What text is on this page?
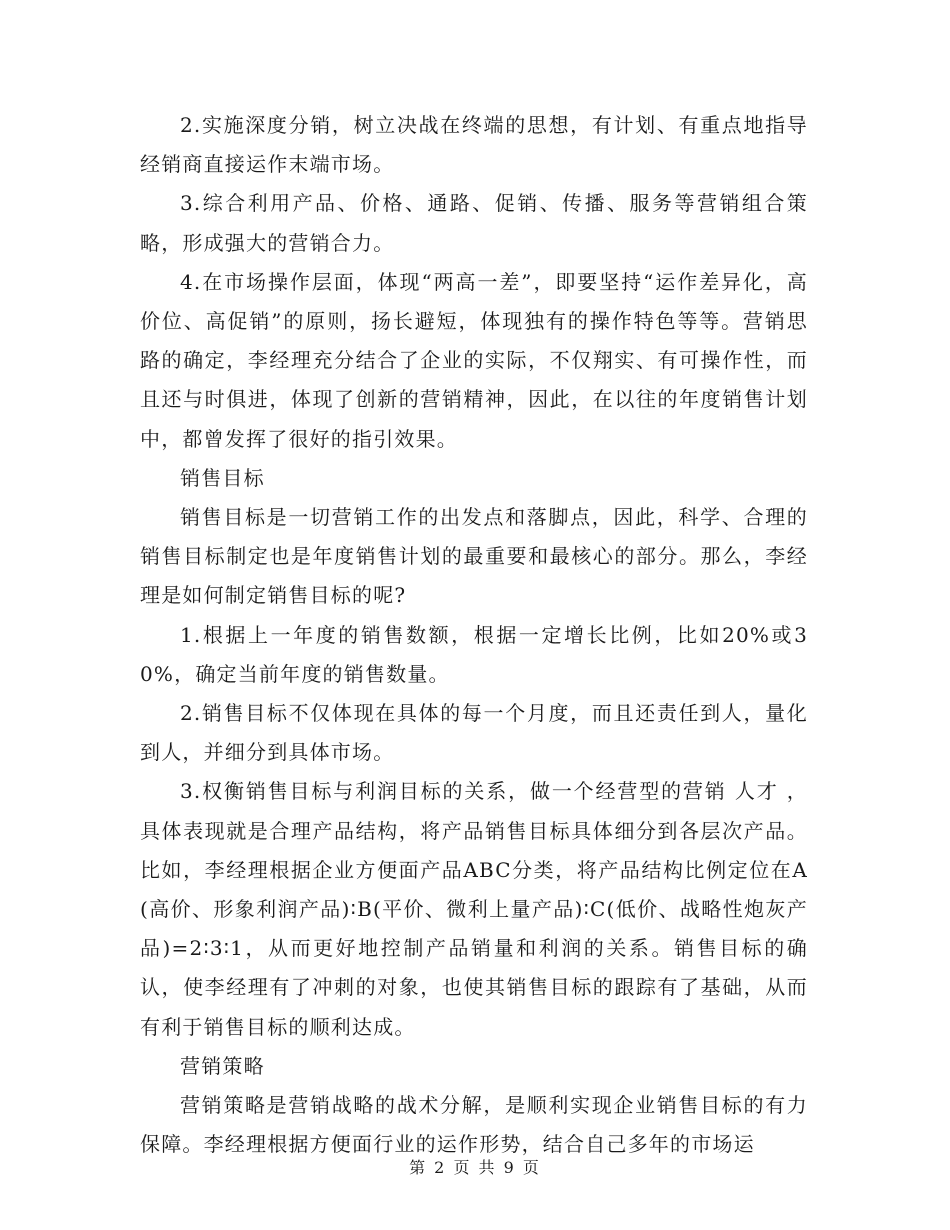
2.实施深度分销，树立决战在终端的思想，有计划、有重点地指导经销商直接运作末端市场。

3.综合利用产品、价格、通路、促销、传播、服务等营销组合策略，形成强大的营销合力。

4.在市场操作层面，体现“两高一差”，即要坚持“运作差异化，高价位、高促销”的原则，扬长避短，体现独有的操作特色等等。营销思路的确定，李经理充分结合了企业的实际，不仅翔实、有可操作性，而且还与时俱进，体现了创新的营销精神，因此，在以往的年度销售计划中，都曾发挥了很好的指引效果。

销售目标

销售目标是一切营销工作的出发点和落脚点，因此，科学、合理的销售目标制定也是年度销售计划的最重要和最核心的部分。那么，李经理是如何制定销售目标的呢?

1.根据上一年度的销售数额，根据一定增长比例，比如20%或30%，确定当前年度的销售数量。

2.销售目标不仅体现在具体的每一个月度，而且还责任到人，量化到人，并细分到具体市场。

3.权衡销售目标与利润目标的关系，做一个经营型的营销 人才 ，具体表现就是合理产品结构，将产品销售目标具体细分到各层次产品。比如，李经理根据企业方便面产品ABC分类，将产品结构比例定位在A(高价、形象利润产品)∶B(平价、微利上量产品)∶C(低价、战略性炮灰产品)=2∶3∶1，从而更好地控制产品销量和利润的关系。销售目标的确认，使李经理有了冲刺的对象，也使其销售目标的跟踪有了基础，从而有利于销售目标的顺利达成。

营销策略

营销策略是营销战略的战术分解，是顺利实现企业销售目标的有力保障。李经理根据方便面行业的运作形势，结合自己多年的市场运

第 2 页 共 9 页
